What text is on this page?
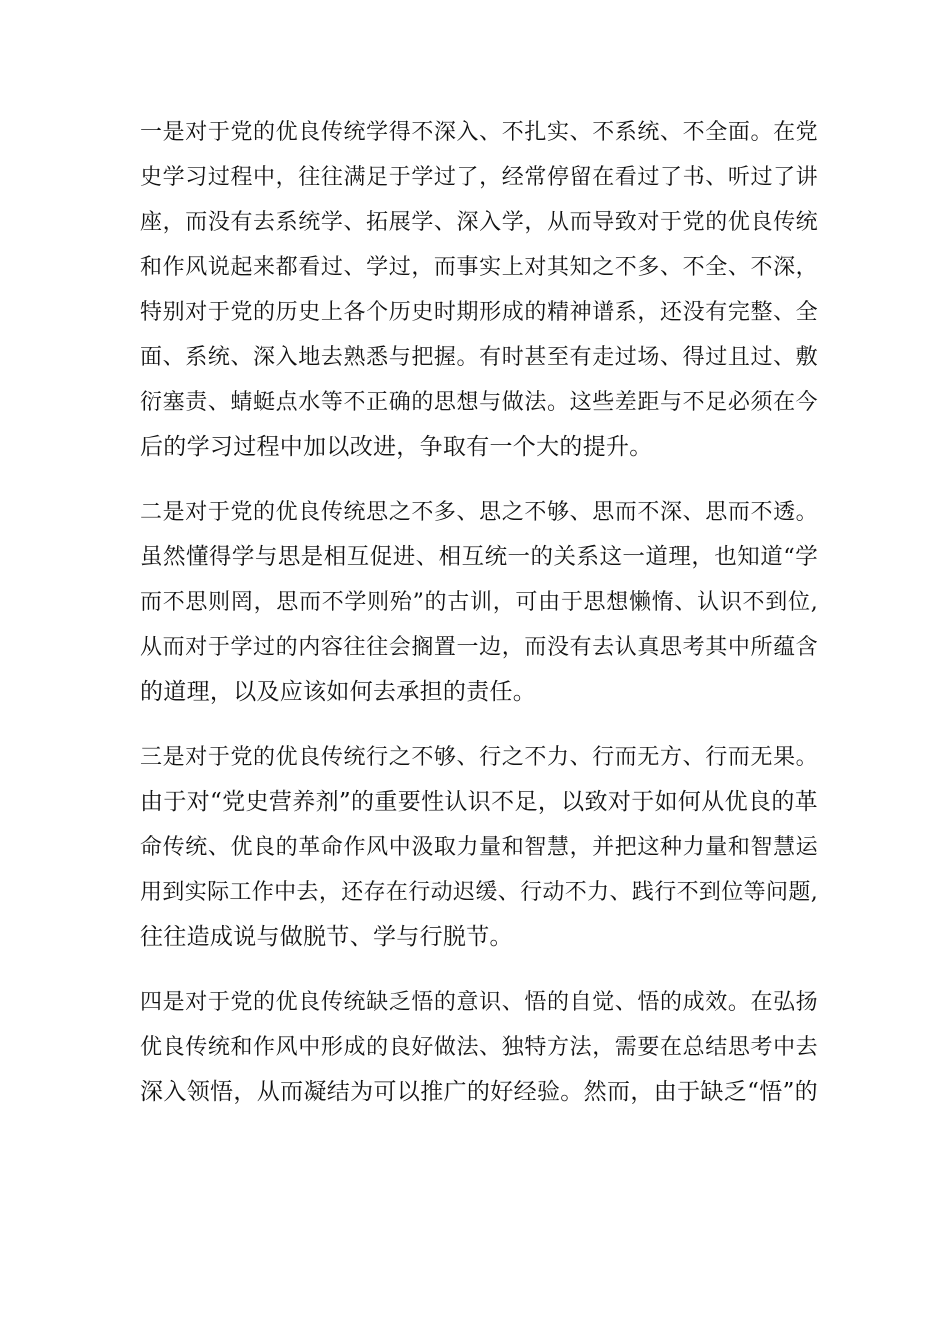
一是对于党的优良传统学得不深入、不扎实、不系统、不全面。在党
史学习过程中，往往满足于学过了，经常停留在看过了书、听过了讲
座，而没有去系统学、拓展学、深入学，从而导致对于党的优良传统
和作风说起来都看过、学过，而事实上对其知之不多、不全、不深，
特别对于党的历史上各个历史时期形成的精神谱系，还没有完整、全
面、系统、深入地去熟悉与把握。有时甚至有走过场、得过且过、敷
衍塞责、蜻蜓点水等不正确的思想与做法。这些差距与不足必须在今
后的学习过程中加以改进，争取有一个大的提升。

二是对于党的优良传统思之不多、思之不够、思而不深、思而不透。
虽然懂得学与思是相互促进、相互统一的关系这一道理，也知道“学
而不思则罔，思而不学则殆”的古训，可由于思想懒惰、认识不到位,
从而对于学过的内容往往会搁置一边，而没有去认真思考其中所蕴含
的道理，以及应该如何去承担的责任。

三是对于党的优良传统行之不够、行之不力、行而无方、行而无果。
由于对“党史营养剂”的重要性认识不足，以致对于如何从优良的革
命传统、优良的革命作风中汲取力量和智慧，并把这种力量和智慧运
用到实际工作中去，还存在行动迟缓、行动不力、践行不到位等问题,
往往造成说与做脱节、学与行脱节。

四是对于党的优良传统缺乏悟的意识、悟的自觉、悟的成效。在弘扬
优良传统和作风中形成的良好做法、独特方法，需要在总结思考中去
深入领悟，从而凝结为可以推广的好经验。然而，由于缺乏“悟”的
